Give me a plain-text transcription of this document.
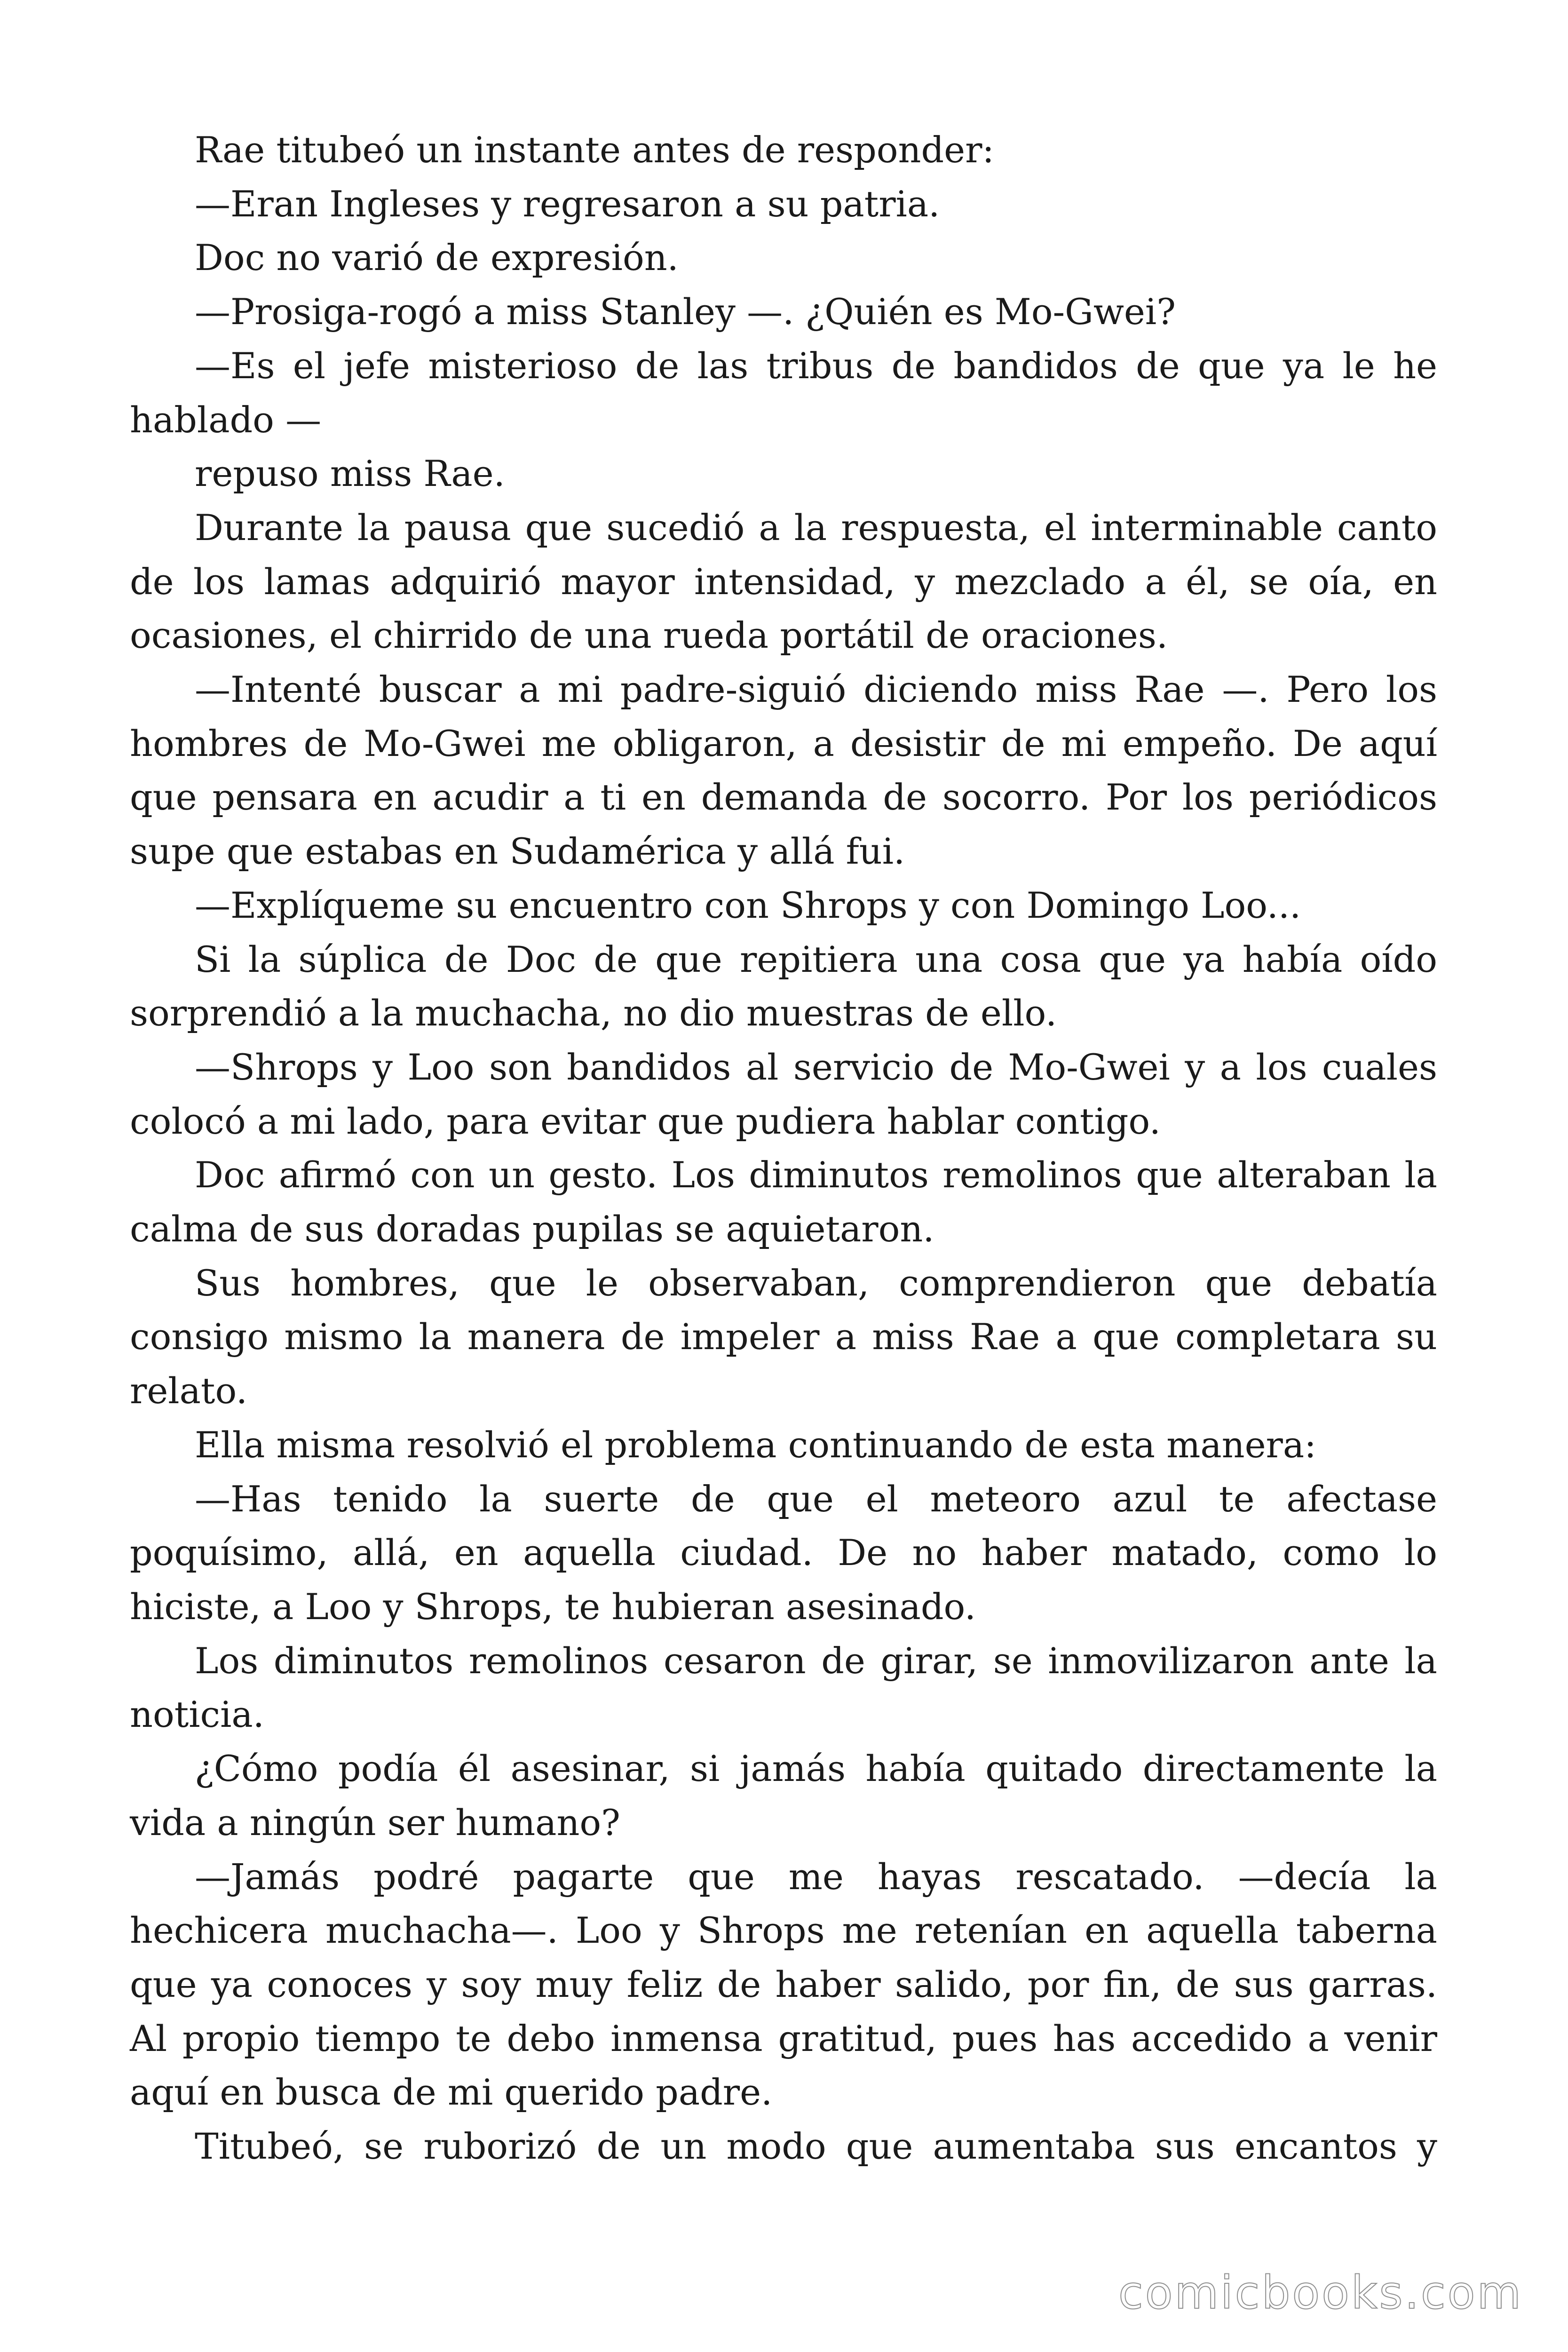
Rae titubeó un instante antes de responder:

—Eran Ingleses y regresaron a su patria.

Doc no varió de expresión.

—Prosiga-rogó a miss Stanley —. ¿Quién es Mo-Gwei?

—Es el jefe misterioso de las tribus de bandidos de que ya le he hablado —

repuso miss Rae.

Durante la pausa que sucedió a la respuesta, el interminable canto de los lamas adquirió mayor intensidad, y mezclado a él, se oía, en ocasiones, el chirrido de una rueda portátil de oraciones.

—Intenté buscar a mi padre-siguió diciendo miss Rae —. Pero los hombres de Mo-Gwei me obligaron, a desistir de mi empeño. De aquí que pensara en acudir a ti en demanda de socorro. Por los periódicos supe que estabas en Sudamérica y allá fui.

—Explíqueme su encuentro con Shrops y con Domingo Loo...

Si la súplica de Doc de que repitiera una cosa que ya había oído sorprendió a la muchacha, no dio muestras de ello.

—Shrops y Loo son bandidos al servicio de Mo-Gwei y a los cuales colocó a mi lado, para evitar que pudiera hablar contigo.

Doc afirmó con un gesto. Los diminutos remolinos que alteraban la calma de sus doradas pupilas se aquietaron.

Sus hombres, que le observaban, comprendieron que debatía consigo mismo la manera de impeler a miss Rae a que completara su relato.

Ella misma resolvió el problema continuando de esta manera:

—Has tenido la suerte de que el meteoro azul te afectase poquísimo, allá, en aquella ciudad. De no haber matado, como lo hiciste, a Loo y Shrops, te hubieran asesinado.

Los diminutos remolinos cesaron de girar, se inmovilizaron ante la noticia.

¿Cómo podía él asesinar, si jamás había quitado directamente la vida a ningún ser humano?

—Jamás podré pagarte que me hayas rescatado. —decía la hechicera muchacha—. Loo y Shrops me retenían en aquella taberna que ya conoces y soy muy feliz de haber salido, por fin, de sus garras. Al propio tiempo te debo inmensa gratitud, pues has accedido a venir aquí en busca de mi querido padre.

Titubeó, se ruborizó de un modo que aumentaba sus encantos y

comicbooks.com
